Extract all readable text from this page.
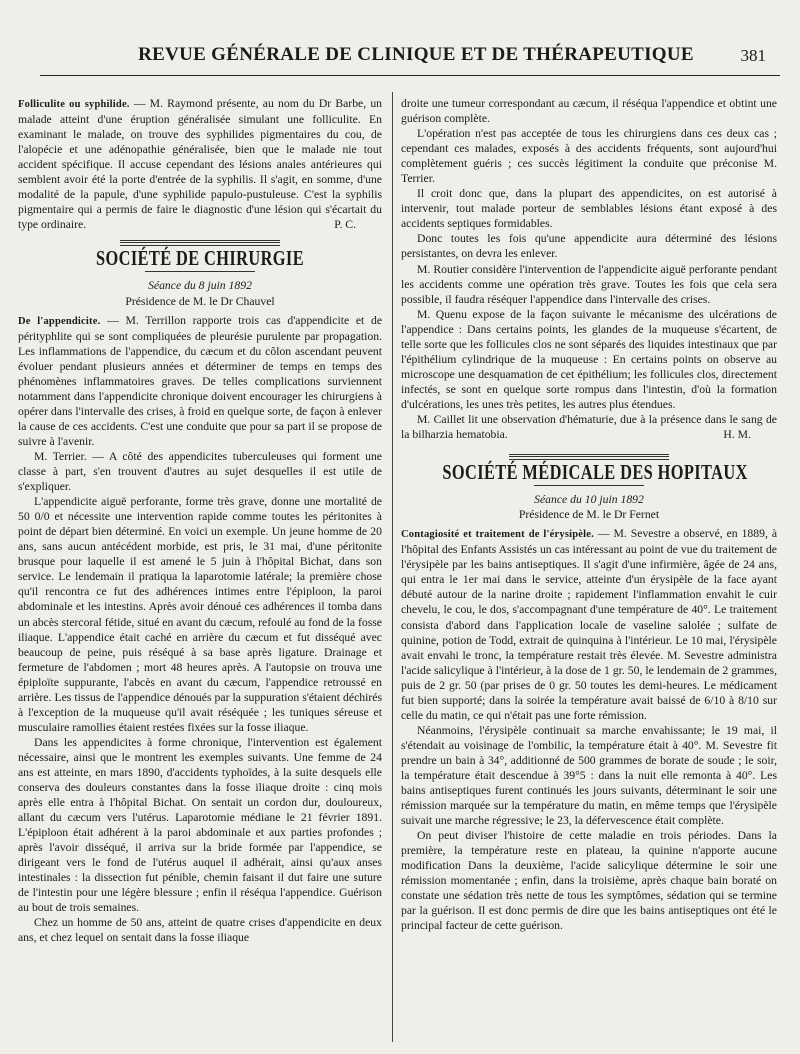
REVUE GÉNÉRALE DE CLINIQUE ET DE THÉRAPEUTIQUE	381

Folliculite ou syphilide. — M. Raymond présente, au nom du Dr Barbe, un malade atteint d'une éruption généralisée simulant une folliculite. En examinant le malade, on trouve des syphilides pigmentaires du cou, de l'alopécie et une adénopathie généralisée, bien que le malade nie tout accident spécifique. Il accuse cependant des lésions anales antérieures qui semblent avoir été la porte d'entrée de la syphilis. Il s'agit, en somme, d'une modalité de la papule, d'une syphilide papulo-pustuleuse. C'est la syphilis pigmentaire qui a permis de faire le diagnostic d'une lésion qui s'écartait du type ordinaire.	P. C.

SOCIÉTÉ DE CHIRURGIE
Séance du 8 juin 1892
Présidence de M. le Dr Chauvel

De l'appendicite. — M. Terrillon rapporte trois cas d'appendicite et de pérityphlite qui se sont compliquées de pleurésie purulente par propagation. Les inflammations de l'appendice, du cæcum et du côlon ascendant peuvent évoluer pendant plusieurs années et déterminer de temps en temps des phénomènes inflammatoires graves. De telles complications surviennent notamment dans l'appendicite chronique doivent encourager les chirurgiens à opérer dans l'intervalle des crises, à froid en quelque sorte, de façon à enlever la cause de ces accidents. C'est une conduite que pour sa part il se propose de suivre à l'avenir.

M. Terrier. — A côté des appendicites tuberculeuses qui forment une classe à part, s'en trouvent d'autres au sujet desquelles il est utile de s'expliquer.

L'appendicite aiguë perforante, forme très grave, donne une mortalité de 50 0/0 et nécessite une intervention rapide comme toutes les péritonites à point de départ bien déterminé. En voici un exemple. Un jeune homme de 20 ans, sans aucun antécédent morbide, est pris, le 31 mai, d'une péritonite brusque pour laquelle il est amené le 5 juin à l'hôpital Bichat, dans son service. Le lendemain il pratiqua la laparotomie latérale; la première chose qu'il rencontra ce fut des adhérences intimes entre l'épiploon, la paroi abdominale et les intestins. Après avoir dénoué ces adhérences il tomba dans un abcès stercoral fétide, situé en avant du cæcum, refoulé au fond de la fosse iliaque. L'appendice était caché en arrière du cæcum et fut disséqué avec beaucoup de peine, puis réséqué à sa base après ligature. Drainage et fermeture de l'abdomen ; mort 48 heures après. A l'autopsie on trouva une épiploïte suppurante, l'abcès en avant du cæcum, l'appendice retroussé en arrière. Les tissus de l'appendice dénoués par la suppuration s'étaient déchirés à l'exception de la muqueuse qu'il avait réséquée ; les tuniques séreuse et musculaire ramollies étaient restées fixées sur la fosse iliaque.

Dans les appendicites à forme chronique, l'intervention est également nécessaire, ainsi que le montrent les exemples suivants. Une femme de 24 ans est atteinte, en mars 1890, d'accidents typhoïdes, à la suite desquels elle conserva des douleurs constantes dans la fosse iliaque droite : cinq mois après elle entra à l'hôpital Bichat. On sentait un cordon dur, douloureux, allant du cæcum vers l'utérus. Laparotomie médiane le 21 février 1891. L'épiploon était adhérent à la paroi abdominale et aux parties profondes ; après l'avoir disséqué, il arriva sur la bride formée par l'appendice, se dirigeant vers le fond de l'utérus auquel il adhérait, ainsi qu'aux anses intestinales : la dissection fut pénible, chemin faisant il dut faire une suture de l'intestin pour une légère blessure ; enfin il réséqua l'appendice. Guérison au bout de trois semaines.

Chez un homme de 50 ans, atteint de quatre crises d'appendicite en deux ans, et chez lequel on sentait dans la fosse iliaque

droite une tumeur correspondant au cæcum, il réséqua l'appendice et obtint une guérison complète.

L'opération n'est pas acceptée de tous les chirurgiens dans ces deux cas ; cependant ces malades, exposés à des accidents fréquents, sont aujourd'hui complètement guéris ; ces succès légitiment la conduite que préconise M. Terrier.

Il croit donc que, dans la plupart des appendicites, on est autorisé à intervenir, tout malade porteur de semblables lésions étant exposé à des accidents septiques formidables.

Donc toutes les fois qu'une appendicite aura déterminé des lésions persistantes, on devra les enlever.

M. Routier considère l'intervention de l'appendicite aiguë perforante pendant les accidents comme une opération très grave. Toutes les fois que cela sera possible, il faudra réséquer l'appendice dans l'intervalle des crises.

M. Quenu expose de la façon suivante le mécanisme des ulcérations de l'appendice : Dans certains points, les glandes de la muqueuse s'écartent, de telle sorte que les follicules clos ne sont séparés des liquides intestinaux que par l'épithélium cylindrique de la muqueuse : En certains points on observe au microscope une desquamation de cet épithélium; les follicules clos, directement infectés, se sont en quelque sorte rompus dans l'intestin, d'où la formation d'ulcérations, les unes très petites, les autres plus étendues.

M. Caillet lit une observation d'hématurie, due à la présence dans le sang de la bilharzia hematobia.	H. M.

SOCIÉTÉ MÉDICALE DES HOPITAUX
Séance du 10 juin 1892
Présidence de M. le Dr Fernet

Contagiosité et traitement de l'érysipèle. — M. Sevestre a observé, en 1889, à l'hôpital des Enfants Assistés un cas intéressant au point de vue du traitement de l'érysipèle par les bains antiseptiques. Il s'agit d'une infirmière, âgée de 24 ans, qui entra le 1er mai dans le service, atteinte d'un érysipèle de la face ayant débuté autour de la narine droite ; rapidement l'inflammation envahit le cuir chevelu, le cou, le dos, s'accompagnant d'une température de 40°. Le traitement consista d'abord dans l'application locale de vaseline salolée ; sulfate de quinine, potion de Todd, extrait de quinquina à l'intérieur. Le 10 mai, l'érysipèle avait envahi le tronc, la température restait très élevée. M. Sevestre administra l'acide salicylique à l'intérieur, à la dose de 1 gr. 50, le lendemain de 2 grammes, puis de 2 gr. 50 (par prises de 0 gr. 50 toutes les demi-heures. Le médicament fut bien supporté; dans la soirée la température avait baissé de 6/10 à 8/10 sur celle du matin, ce qui n'était pas une forte rémission.

Néanmoins, l'érysipèle continuait sa marche envahissante; le 19 mai, il s'étendait au voisinage de l'ombilic, la température était à 40°. M. Sevestre fit prendre un bain à 34°, additionné de 500 grammes de borate de soude ; le soir, la température était descendue à 39°5 : dans la nuit elle remonta à 40°. Les bains antiseptiques furent continués les jours suivants, déterminant le soir une rémission marquée sur la température du matin, en même temps que l'érysipèle suivait une marche régressive; le 23, la défervescence était complète.

On peut diviser l'histoire de cette maladie en trois périodes. Dans la première, la température reste en plateau, la quinine n'apporte aucune modification Dans la deuxième, l'acide salicylique détermine le soir une rémission momentanée ; enfin, dans la troisième, après chaque bain boraté on constate une sédation très nette de tous les symptômes, sédation qui se termine par la guérison. Il est donc permis de dire que les bains antiseptiques ont été le principal facteur de cette guérison.
